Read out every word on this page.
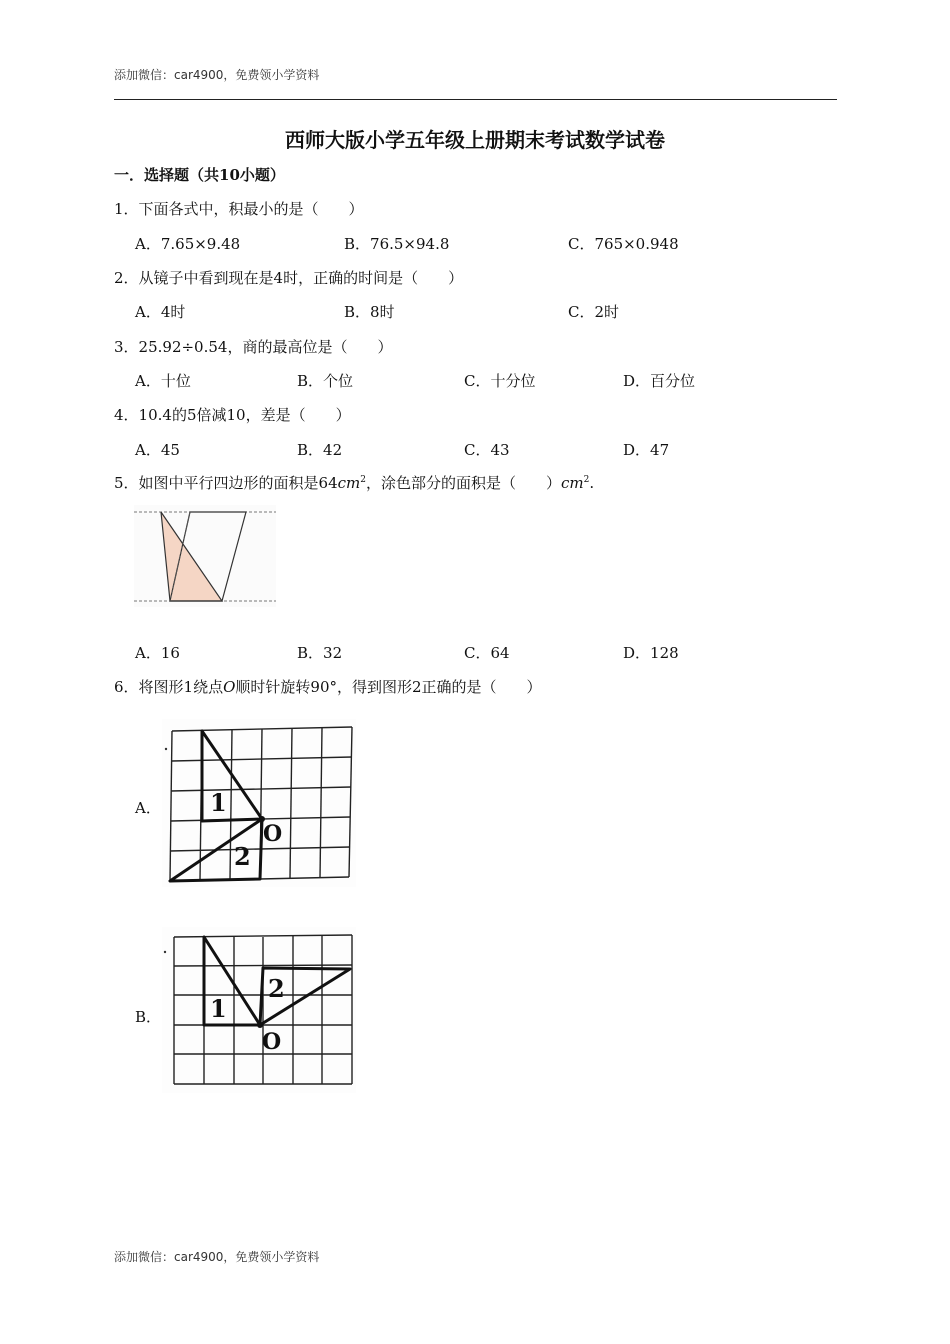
添加微信：car4900，免费领小学资料
西师大版小学五年级上册期末考试数学试卷
一．选择题（共10小题）
1．下面各式中，积最小的是（　　）
A．7.65×9.48	B．76.5×94.8	C．765×0.948
2．从镜子中看到现在是4时，正确的时间是（　　）
A．4时	B．8时	C．2时
3．25.92÷0.54，商的最高位是（　　）
A．十位	B．个位	C．十分位	D．百分位
4．10.4的5倍减10，差是（　　）
A．45	B．42	C．43	D．47
5．如图中平行四边形的面积是$64cm^2$，涂色部分的面积是（　　）$cm^2$.
A．16	B．32	C．64	D．128
6．将图形1绕点O顺时针旋转90°，得到图形2正确的是（　　）
A． 1
2
O
B． 1
2
O
添加微信：car4900，免费领小学资料
